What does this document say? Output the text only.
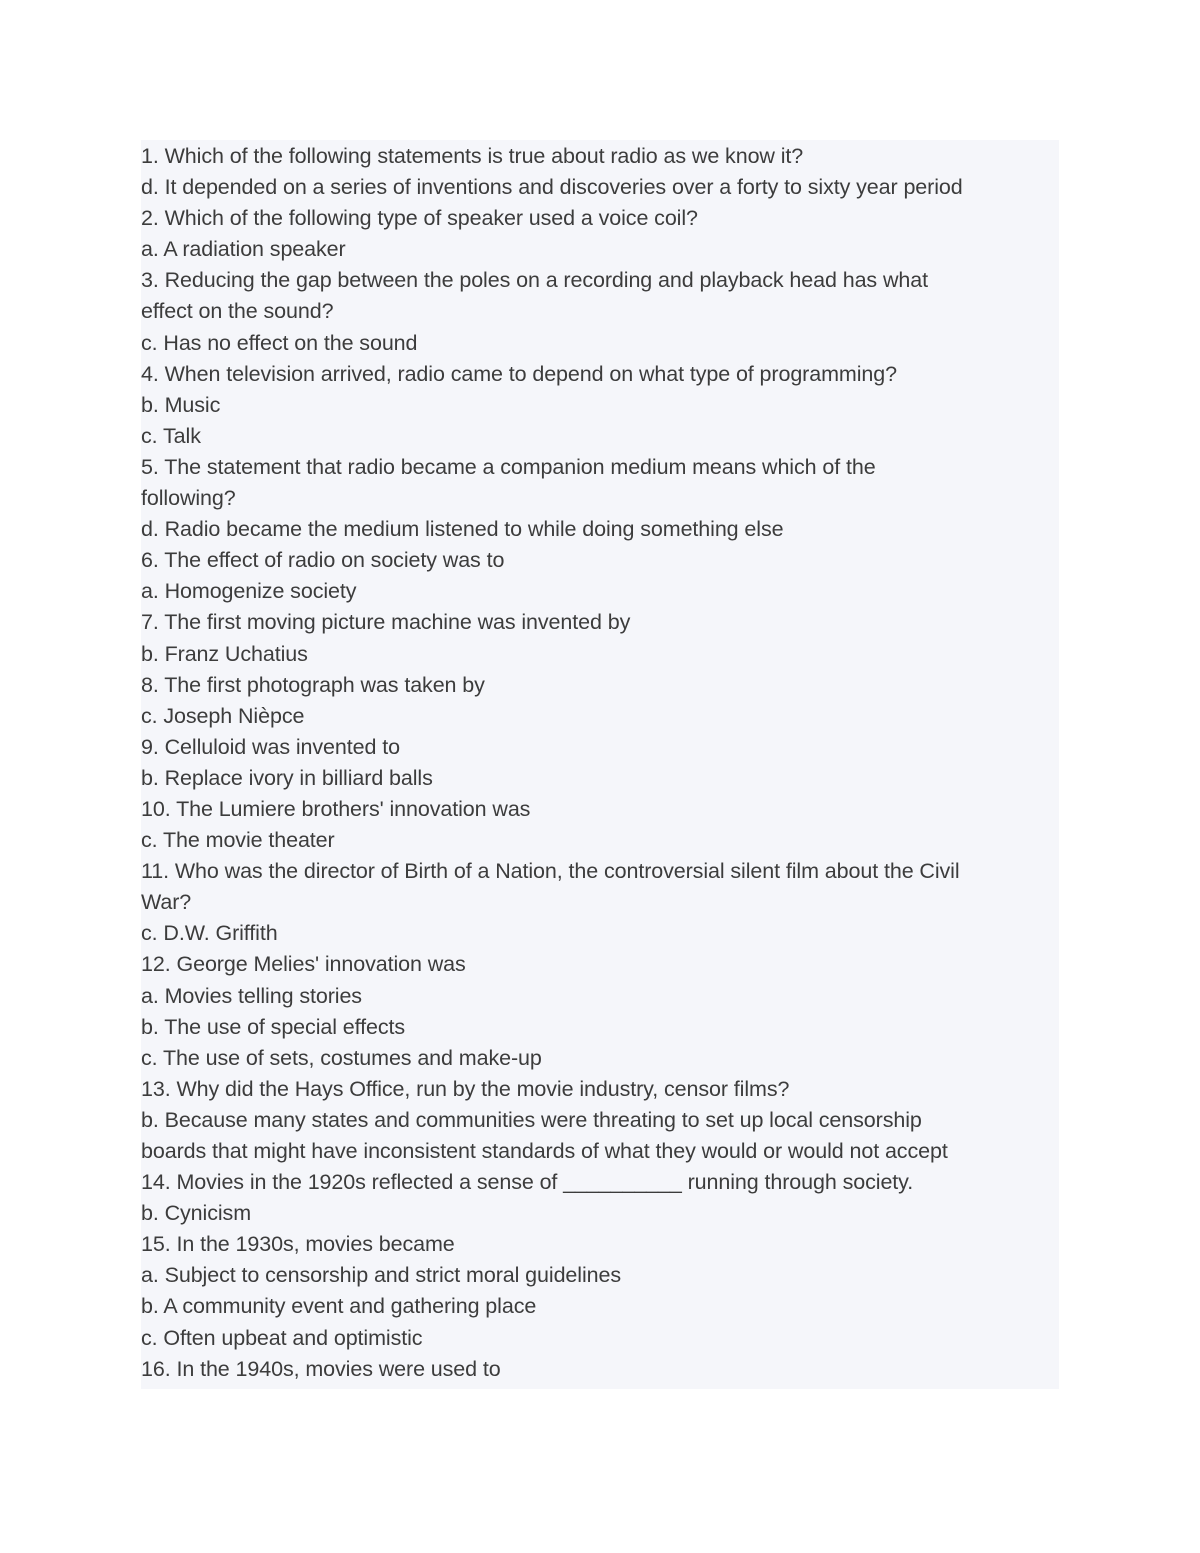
1. Which of the following statements is true about radio as we know it?
d. It depended on a series of inventions and discoveries over a forty to sixty year period
2. Which of the following type of speaker used a voice coil?
a. A radiation speaker
3. Reducing the gap between the poles on a recording and playback head has what
effect on the sound?
c. Has no effect on the sound
4. When television arrived, radio came to depend on what type of programming?
b. Music
c. Talk
5. The statement that radio became a companion medium means which of the
following?
d. Radio became the medium listened to while doing something else
6. The effect of radio on society was to
a. Homogenize society
7. The first moving picture machine was invented by
b. Franz Uchatius
8. The first photograph was taken by
c. Joseph Nièpce
9. Celluloid was invented to
b. Replace ivory in billiard balls
10. The Lumiere brothers' innovation was
c. The movie theater
11. Who was the director of Birth of a Nation, the controversial silent film about the Civil
War?
c. D.W. Griffith
12. George Melies' innovation was
a. Movies telling stories
b. The use of special effects
c. The use of sets, costumes and make-up
13. Why did the Hays Office, run by the movie industry, censor films?
b. Because many states and communities were threating to set up local censorship
boards that might have inconsistent standards of what they would or would not accept
14. Movies in the 1920s reflected a sense of __________ running through society.
b. Cynicism
15. In the 1930s, movies became
a. Subject to censorship and strict moral guidelines
b. A community event and gathering place
c. Often upbeat and optimistic
16. In the 1940s, movies were used to
